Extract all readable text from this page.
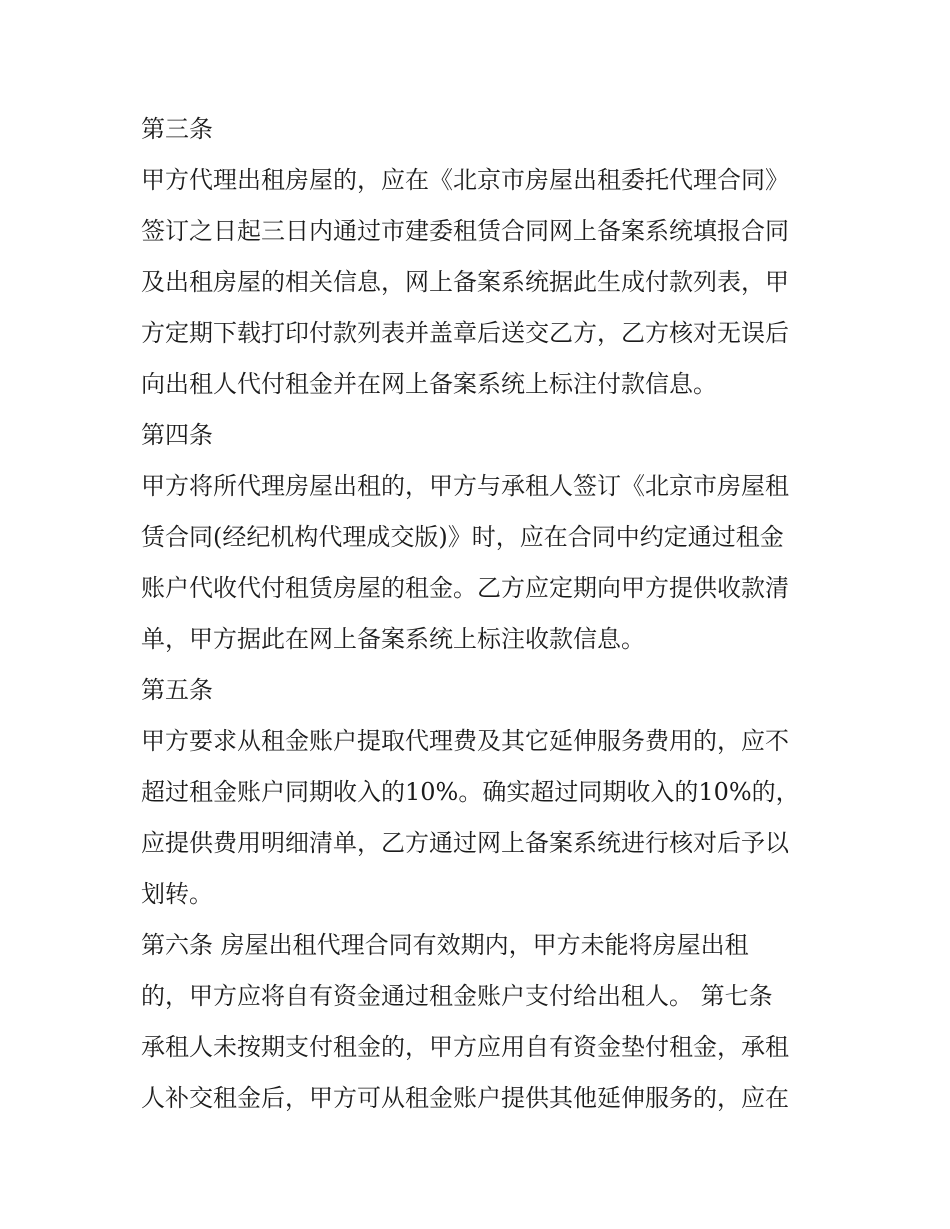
第三条
甲方代理出租房屋的，应在《北京市房屋出租委托代理合同》
签订之日起三日内通过市建委租赁合同网上备案系统填报合同
及出租房屋的相关信息，网上备案系统据此生成付款列表，甲
方定期下载打印付款列表并盖章后送交乙方，乙方核对无误后
向出租人代付租金并在网上备案系统上标注付款信息。
第四条
甲方将所代理房屋出租的，甲方与承租人签订《北京市房屋租
赁合同(经纪机构代理成交版)》时，应在合同中约定通过租金
账户代收代付租赁房屋的租金。乙方应定期向甲方提供收款清
单，甲方据此在网上备案系统上标注收款信息。
第五条
甲方要求从租金账户提取代理费及其它延伸服务费用的，应不
超过租金账户同期收入的10%。确实超过同期收入的10%的，
应提供费用明细清单，乙方通过网上备案系统进行核对后予以
划转。
第六条 房屋出租代理合同有效期内，甲方未能将房屋出租
的，甲方应将自有资金通过租金账户支付给出租人。 第七条
承租人未按期支付租金的，甲方应用自有资金垫付租金，承租
人补交租金后，甲方可从租金账户提供其他延伸服务的，应在
